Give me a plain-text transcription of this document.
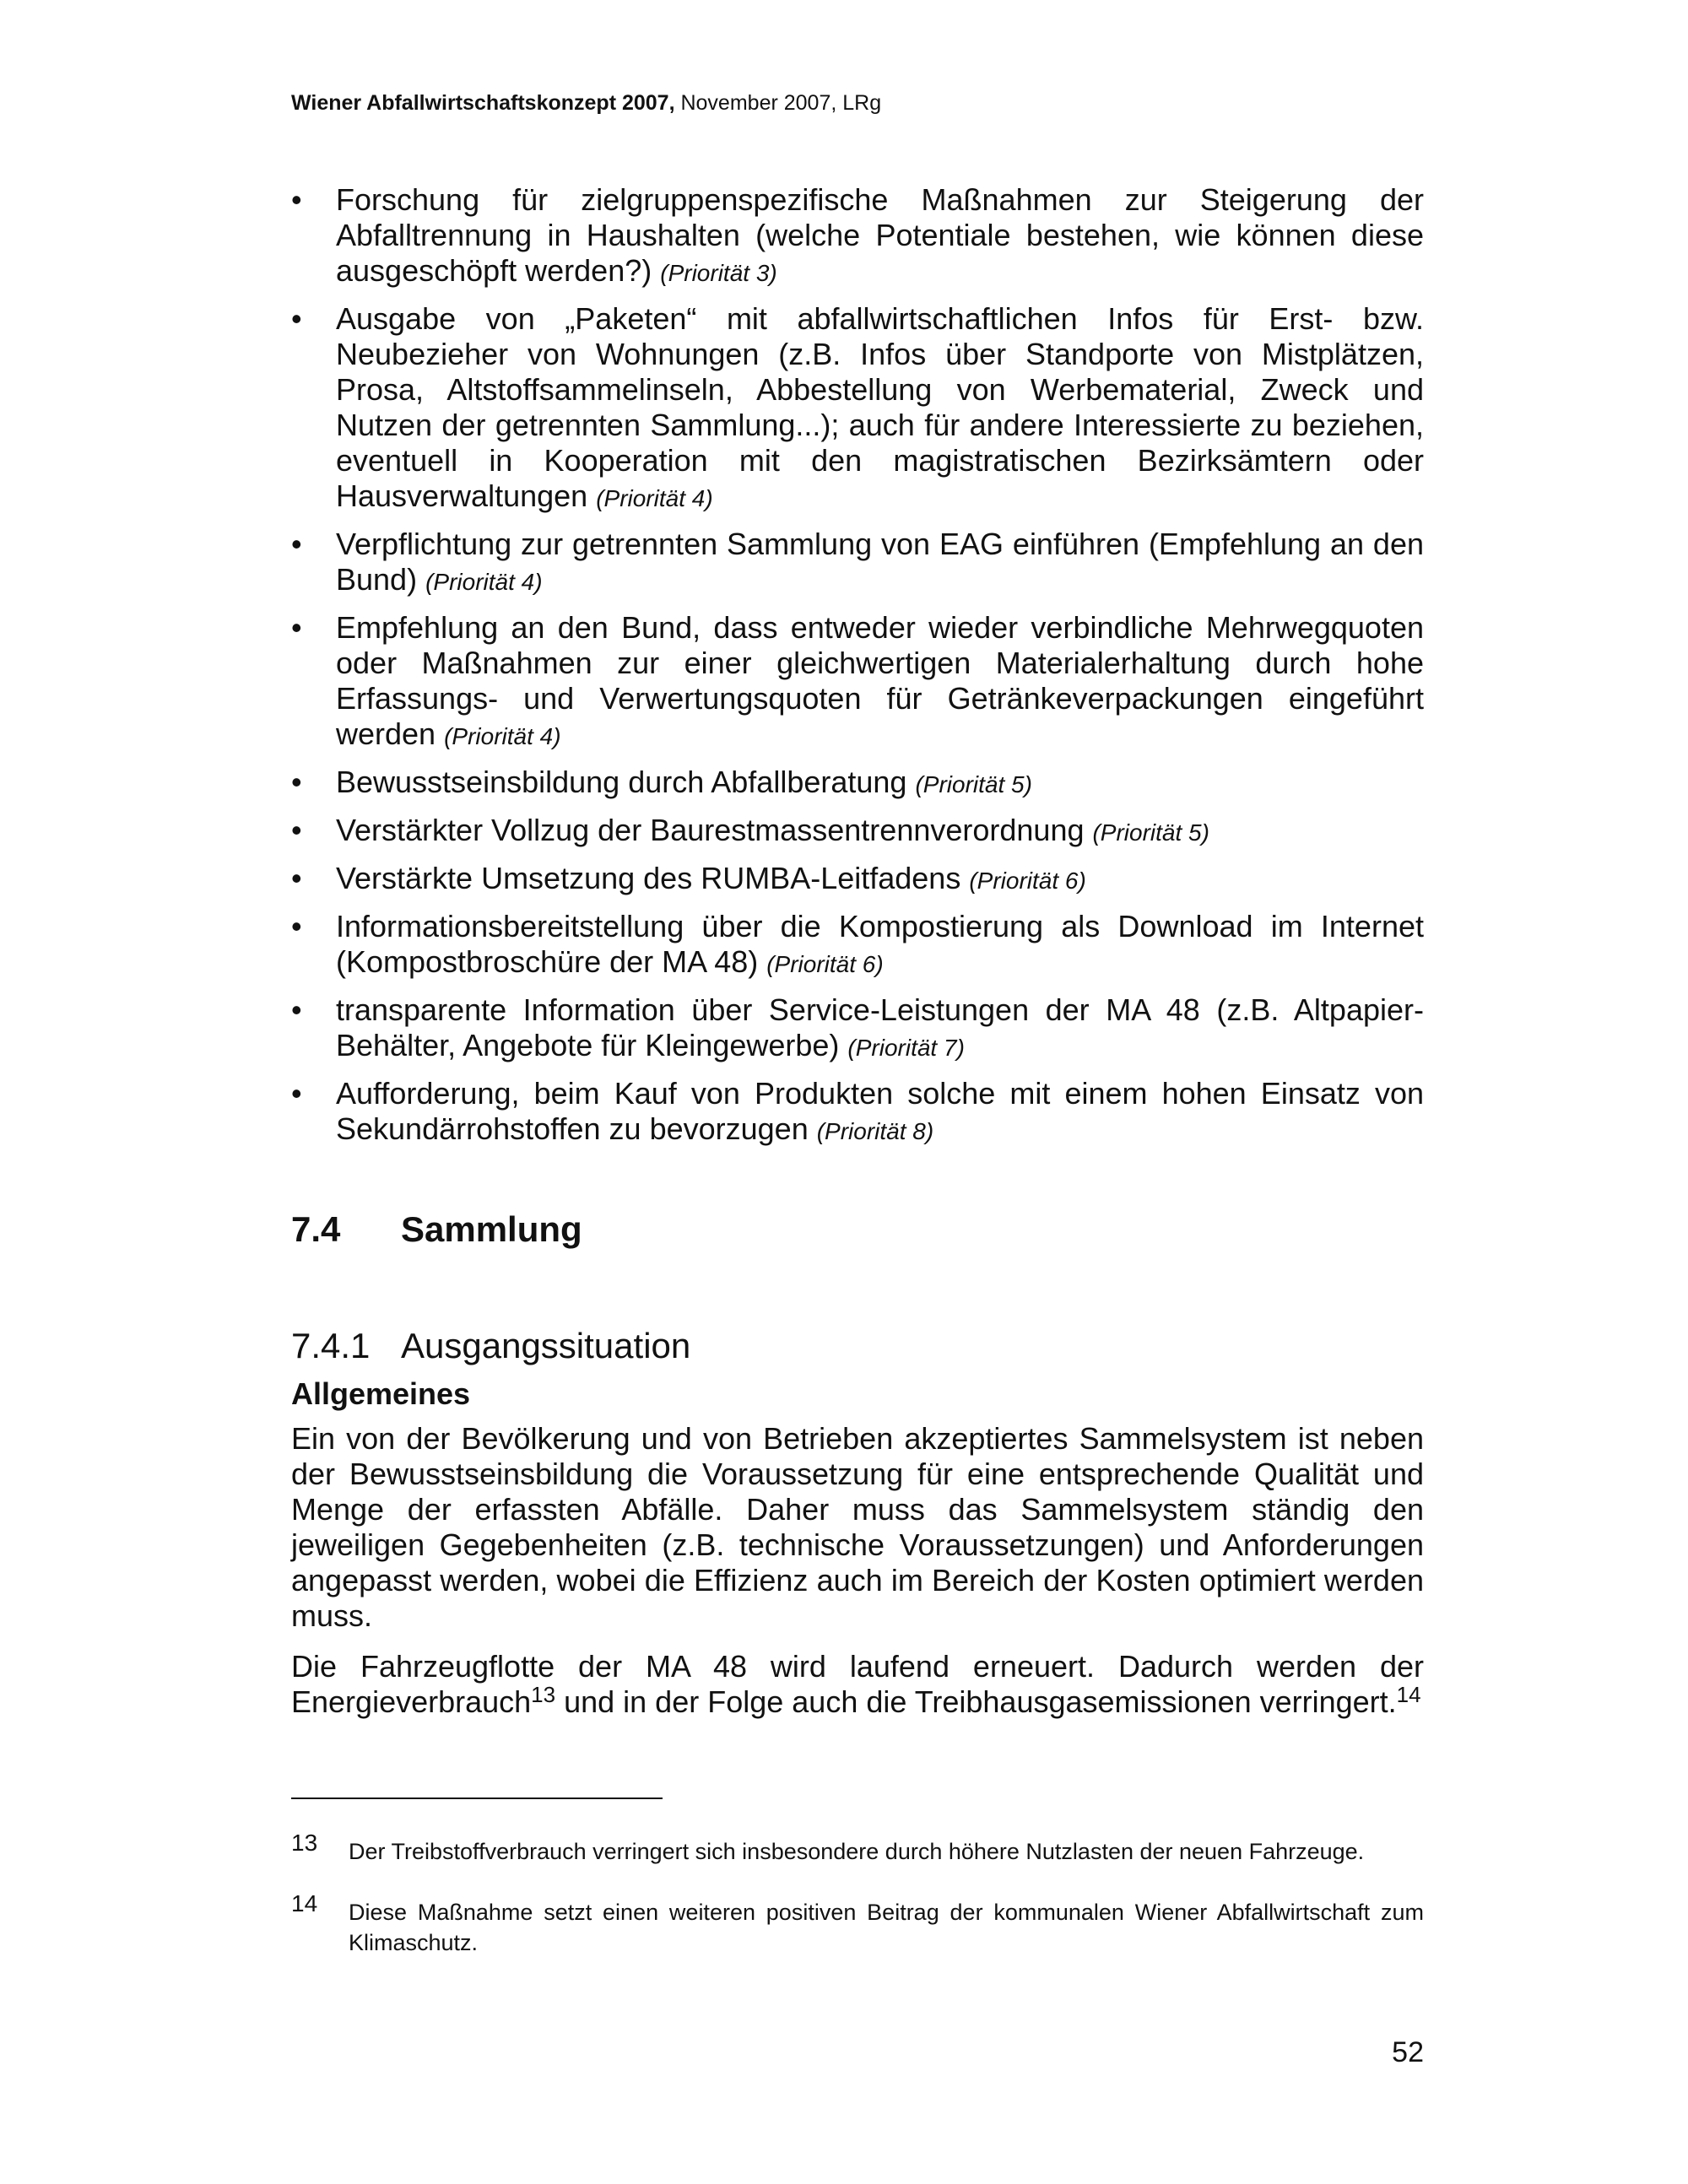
Wiener Abfallwirtschaftskonzept 2007, November 2007, LRg
•	Forschung für zielgruppenspezifische Maßnahmen zur Steigerung der Abfalltrennung in Haushalten (welche Potentiale bestehen, wie können diese ausgeschöpft werden?) (Priorität 3)
•	Ausgabe von „Paketen“ mit abfallwirtschaftlichen Infos für Erst- bzw. Neubezieher von Wohnungen (z.B. Infos über Standporte von Mistplätzen, Prosa, Altstoffsammelinseln, Abbestellung von Werbematerial, Zweck und Nutzen der getrennten Sammlung...); auch für andere Interessierte zu beziehen, eventuell in Kooperation mit den magistratischen Bezirksämtern oder Hausverwaltungen (Priorität 4)
•	Verpflichtung zur getrennten Sammlung von EAG einführen (Empfehlung an den Bund) (Priorität 4)
•	Empfehlung an den Bund, dass entweder wieder verbindliche Mehrwegquoten oder Maßnahmen zur einer gleichwertigen Materialerhaltung durch hohe Erfassungs- und Verwertungsquoten für Getränkeverpackungen eingeführt werden (Priorität 4)
•	Bewusstseinsbildung durch Abfallberatung (Priorität 5)
•	Verstärkter Vollzug der Baurestmassentrennverordnung (Priorität 5)
•	Verstärkte Umsetzung des RUMBA-Leitfadens (Priorität 6)
•	Informationsbereitstellung über die Kompostierung als Download im Internet (Kompostbroschüre der MA 48) (Priorität 6)
•	transparente Information über Service-Leistungen der MA 48 (z.B. Altpapier-Behälter, Angebote für Kleingewerbe) (Priorität 7)
•	Aufforderung, beim Kauf von Produkten solche mit einem hohen Einsatz von Sekundärrohstoffen zu bevorzugen (Priorität 8)
7.4	Sammlung
7.4.1 Ausgangssituation
Allgemeines

Ein von der Bevölkerung und von Betrieben akzeptiertes Sammelsystem ist neben der Bewusstseinsbildung die Voraussetzung für eine entsprechende Qualität und Menge der erfassten Abfälle. Daher muss das Sammelsystem ständig den jeweiligen Gegebenheiten (z.B. technische Voraussetzungen) und Anforderungen angepasst werden, wobei die Effizienz auch im Bereich der Kosten optimiert werden muss.

Die Fahrzeugflotte der MA 48 wird laufend erneuert. Dadurch werden der Energieverbrauch$^{13}$ und in der Folge auch die Treibhausgasemissionen verringert.$^{14}$

13	Der Treibstoffverbrauch verringert sich insbesondere durch höhere Nutzlasten der neuen Fahrzeuge.
14	Diese Maßnahme setzt einen weiteren positiven Beitrag der kommunalen Wiener Abfallwirtschaft zum Klimaschutz.
52
